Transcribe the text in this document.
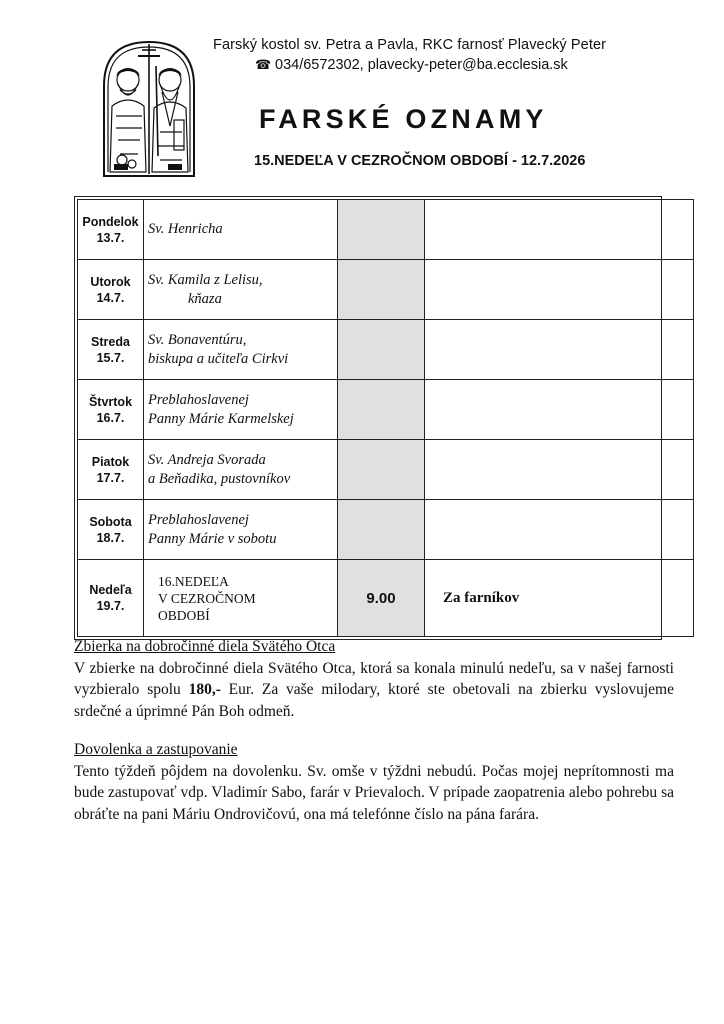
Farský kostol sv. Petra a Pavla, RKC farnosť Plavecký Peter
☎ 034/6572302, plavecky-peter@ba.ecclesia.sk
FARSKÉ OZNAMY
15.NEDEĽA V CEZROČNOM OBDOBÍ - 12.7.2026
Pondelok
13.7.	Sv. Henricha		

Utorok
14.7.	Sv. Kamila z Lelisu,
kňaza		

Streda
15.7.	Sv. Bonaventúru,
biskupa a učiteľa Cirkvi		

Štvrtok
16.7.	Preblahoslavenej
Panny Márie Karmelskej		

Piatok
17.7.	Sv. Andreja Svorada
a Beňadika, pustovníkov		

Sobota
18.7.	Preblahoslavenej
Panny Márie v sobotu		

Nedeľa
19.7.	16.NEDEĽA
V CEZROČNOM
OBDOBÍ	9.00	Za farníkov
Zbierka na dobročinné diela Svätého Otca
V zbierke na dobročinné diela Svätého Otca, ktorá sa konala minulú nedeľu, sa v našej farnosti vyzbieralo spolu 180,- Eur. Za vaše milodary, ktoré ste obetovali na zbierku vyslovujeme srdečné a úprimné Pán Boh odmeň.
Dovolenka a zastupovanie
Tento týždeň pôjdem na dovolenku. Sv. omše v týždni nebudú. Počas mojej neprítomnosti ma bude zastupovať vdp. Vladimír Sabo, farár v Prievaloch. V prípade zaopatrenia alebo pohrebu sa obráťte na pani Máriu Ondrovičovú, ona má telefónne číslo na pána farára.
